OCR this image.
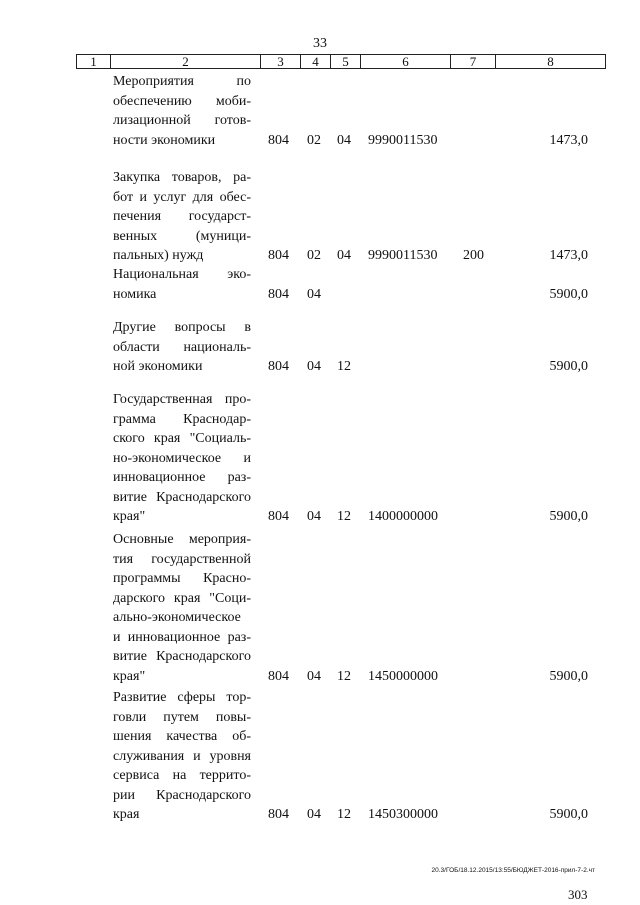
33
1	2	3	4	5	6	7	8
Мероприятия по
обеспечению моби-
лизационной готов-
ности экономики	804 02 04 9990011530	1473,0
Закупка товаров, ра-
бот и услуг для обес-
печения государст-
венных (муници-
пальных) нужд	804 02 04 9990011530 200	1473,0
Национальная эко-
номика	804 04	5900,0
Другие вопросы в
области националь-
ной экономики	804 04 12	5900,0
Государственная про-
грамма Краснодар-
ского края "Социаль-
но-экономическое и
инновационное раз-
витие Краснодарского
края"	804 04 12 1400000000	5900,0
Основные мероприя-
тия государственной
программы Красно-
дарского края "Соци-
ально-экономическое
и инновационное раз-
витие Краснодарского
края"	804 04 12 1450000000	5900,0
Развитие сферы тор-
говли путем повы-
шения качества об-
служивания и уровня
сервиса на террито-
рии Краснодарского
края	804 04 12 1450300000	5900,0
20.3/ГОБ/18.12.2015/13:55/БЮДЖЕТ-2016-прил-7-2.чт
303
